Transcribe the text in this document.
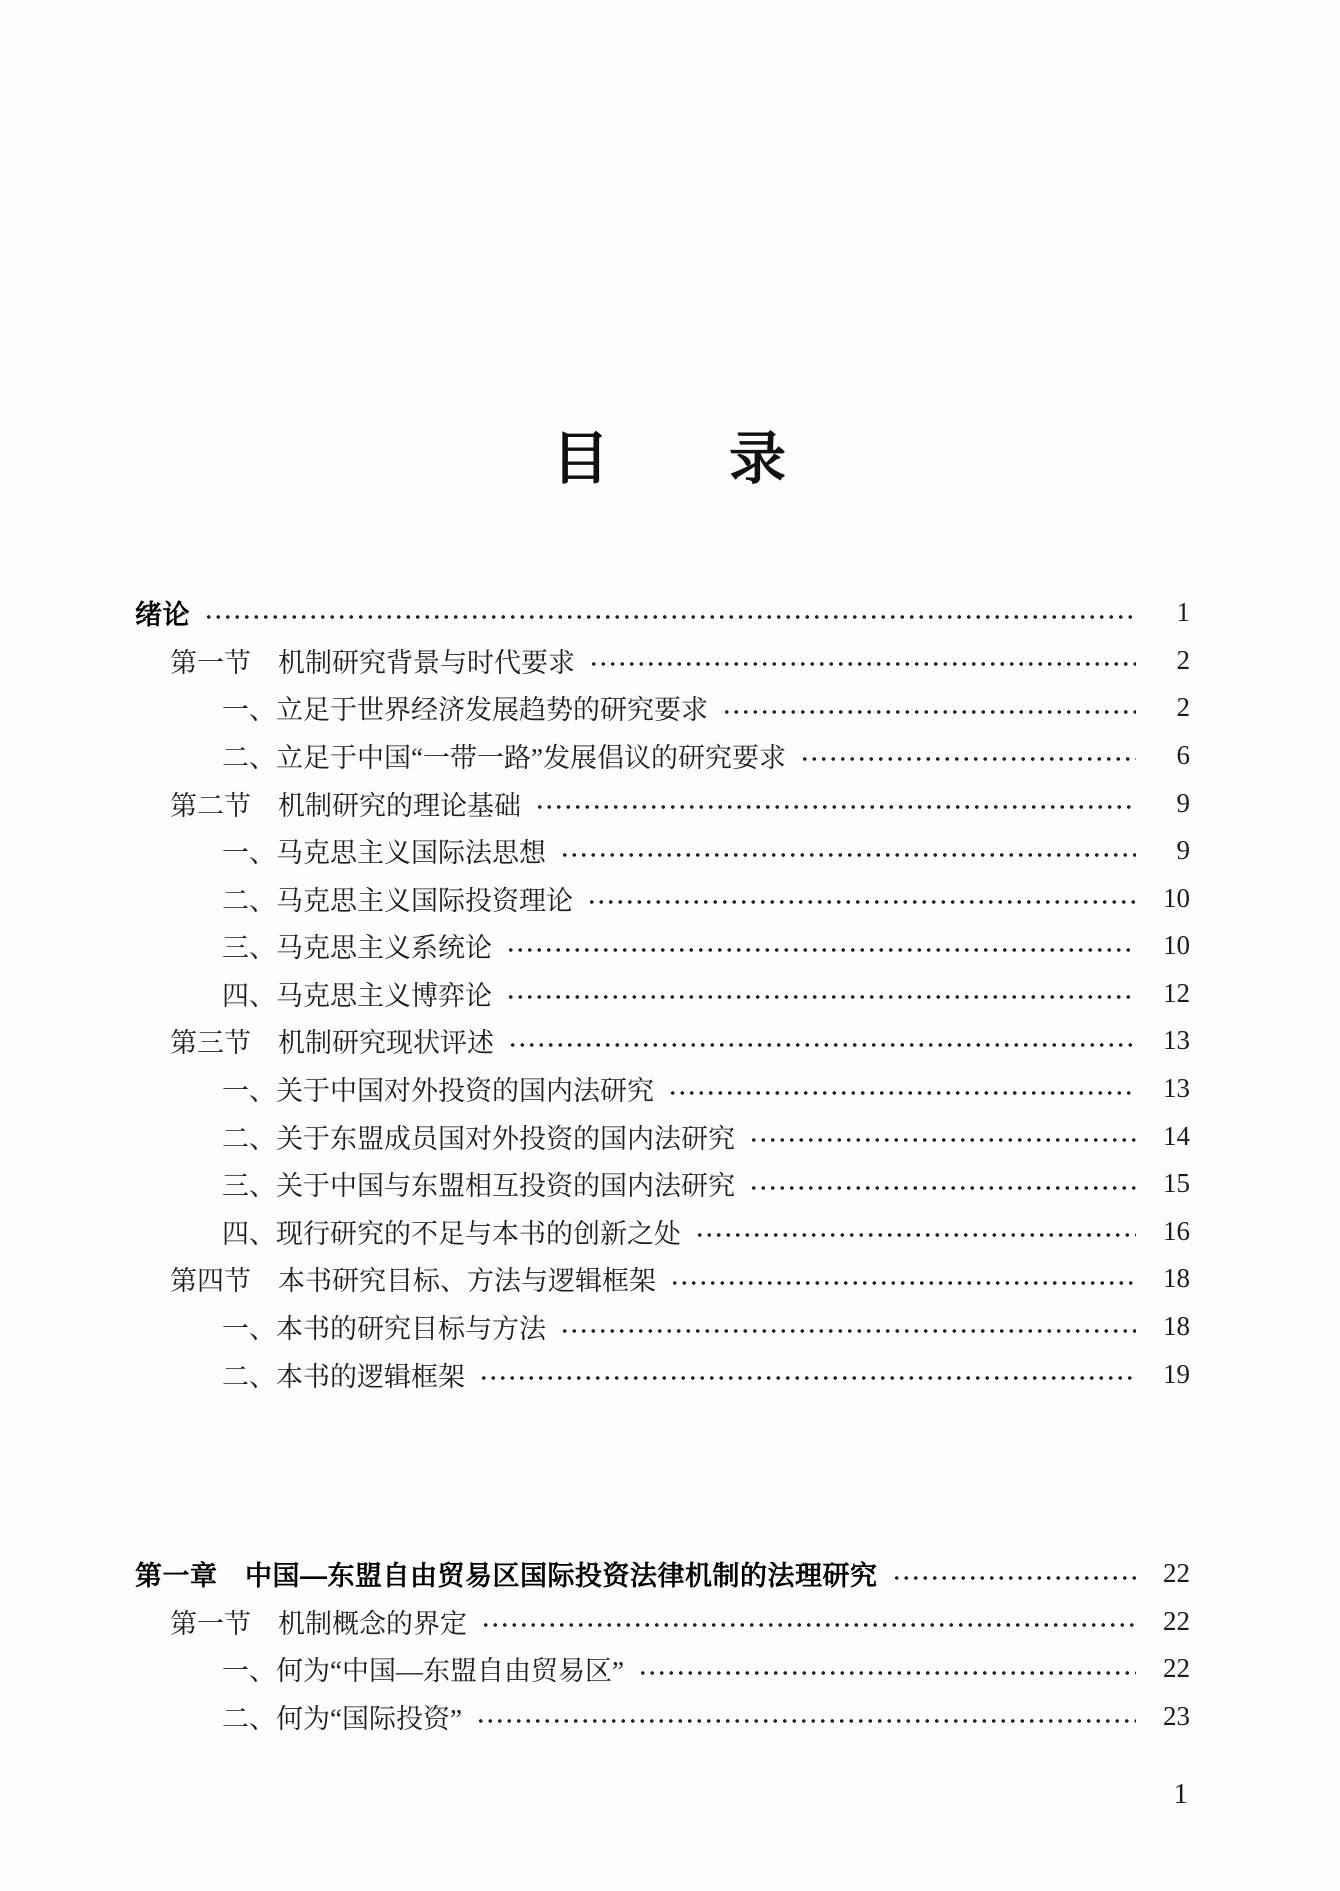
目　　录
绪论	1
第一节　机制研究背景与时代要求	2
一、立足于世界经济发展趋势的研究要求	2
二、立足于中国“一带一路”发展倡议的研究要求	6
第二节　机制研究的理论基础	9
一、马克思主义国际法思想	9
二、马克思主义国际投资理论	10
三、马克思主义系统论	10
四、马克思主义博弈论	12
第三节　机制研究现状评述	13
一、关于中国对外投资的国内法研究	13
二、关于东盟成员国对外投资的国内法研究	14
三、关于中国与东盟相互投资的国内法研究	15
四、现行研究的不足与本书的创新之处	16
第四节　本书研究目标、方法与逻辑框架	18
一、本书的研究目标与方法	18
二、本书的逻辑框架	19
第一章　中国—东盟自由贸易区国际投资法律机制的法理研究	22
第一节　机制概念的界定	22
一、何为“中国—东盟自由贸易区”	22
二、何为“国际投资”	23
1
